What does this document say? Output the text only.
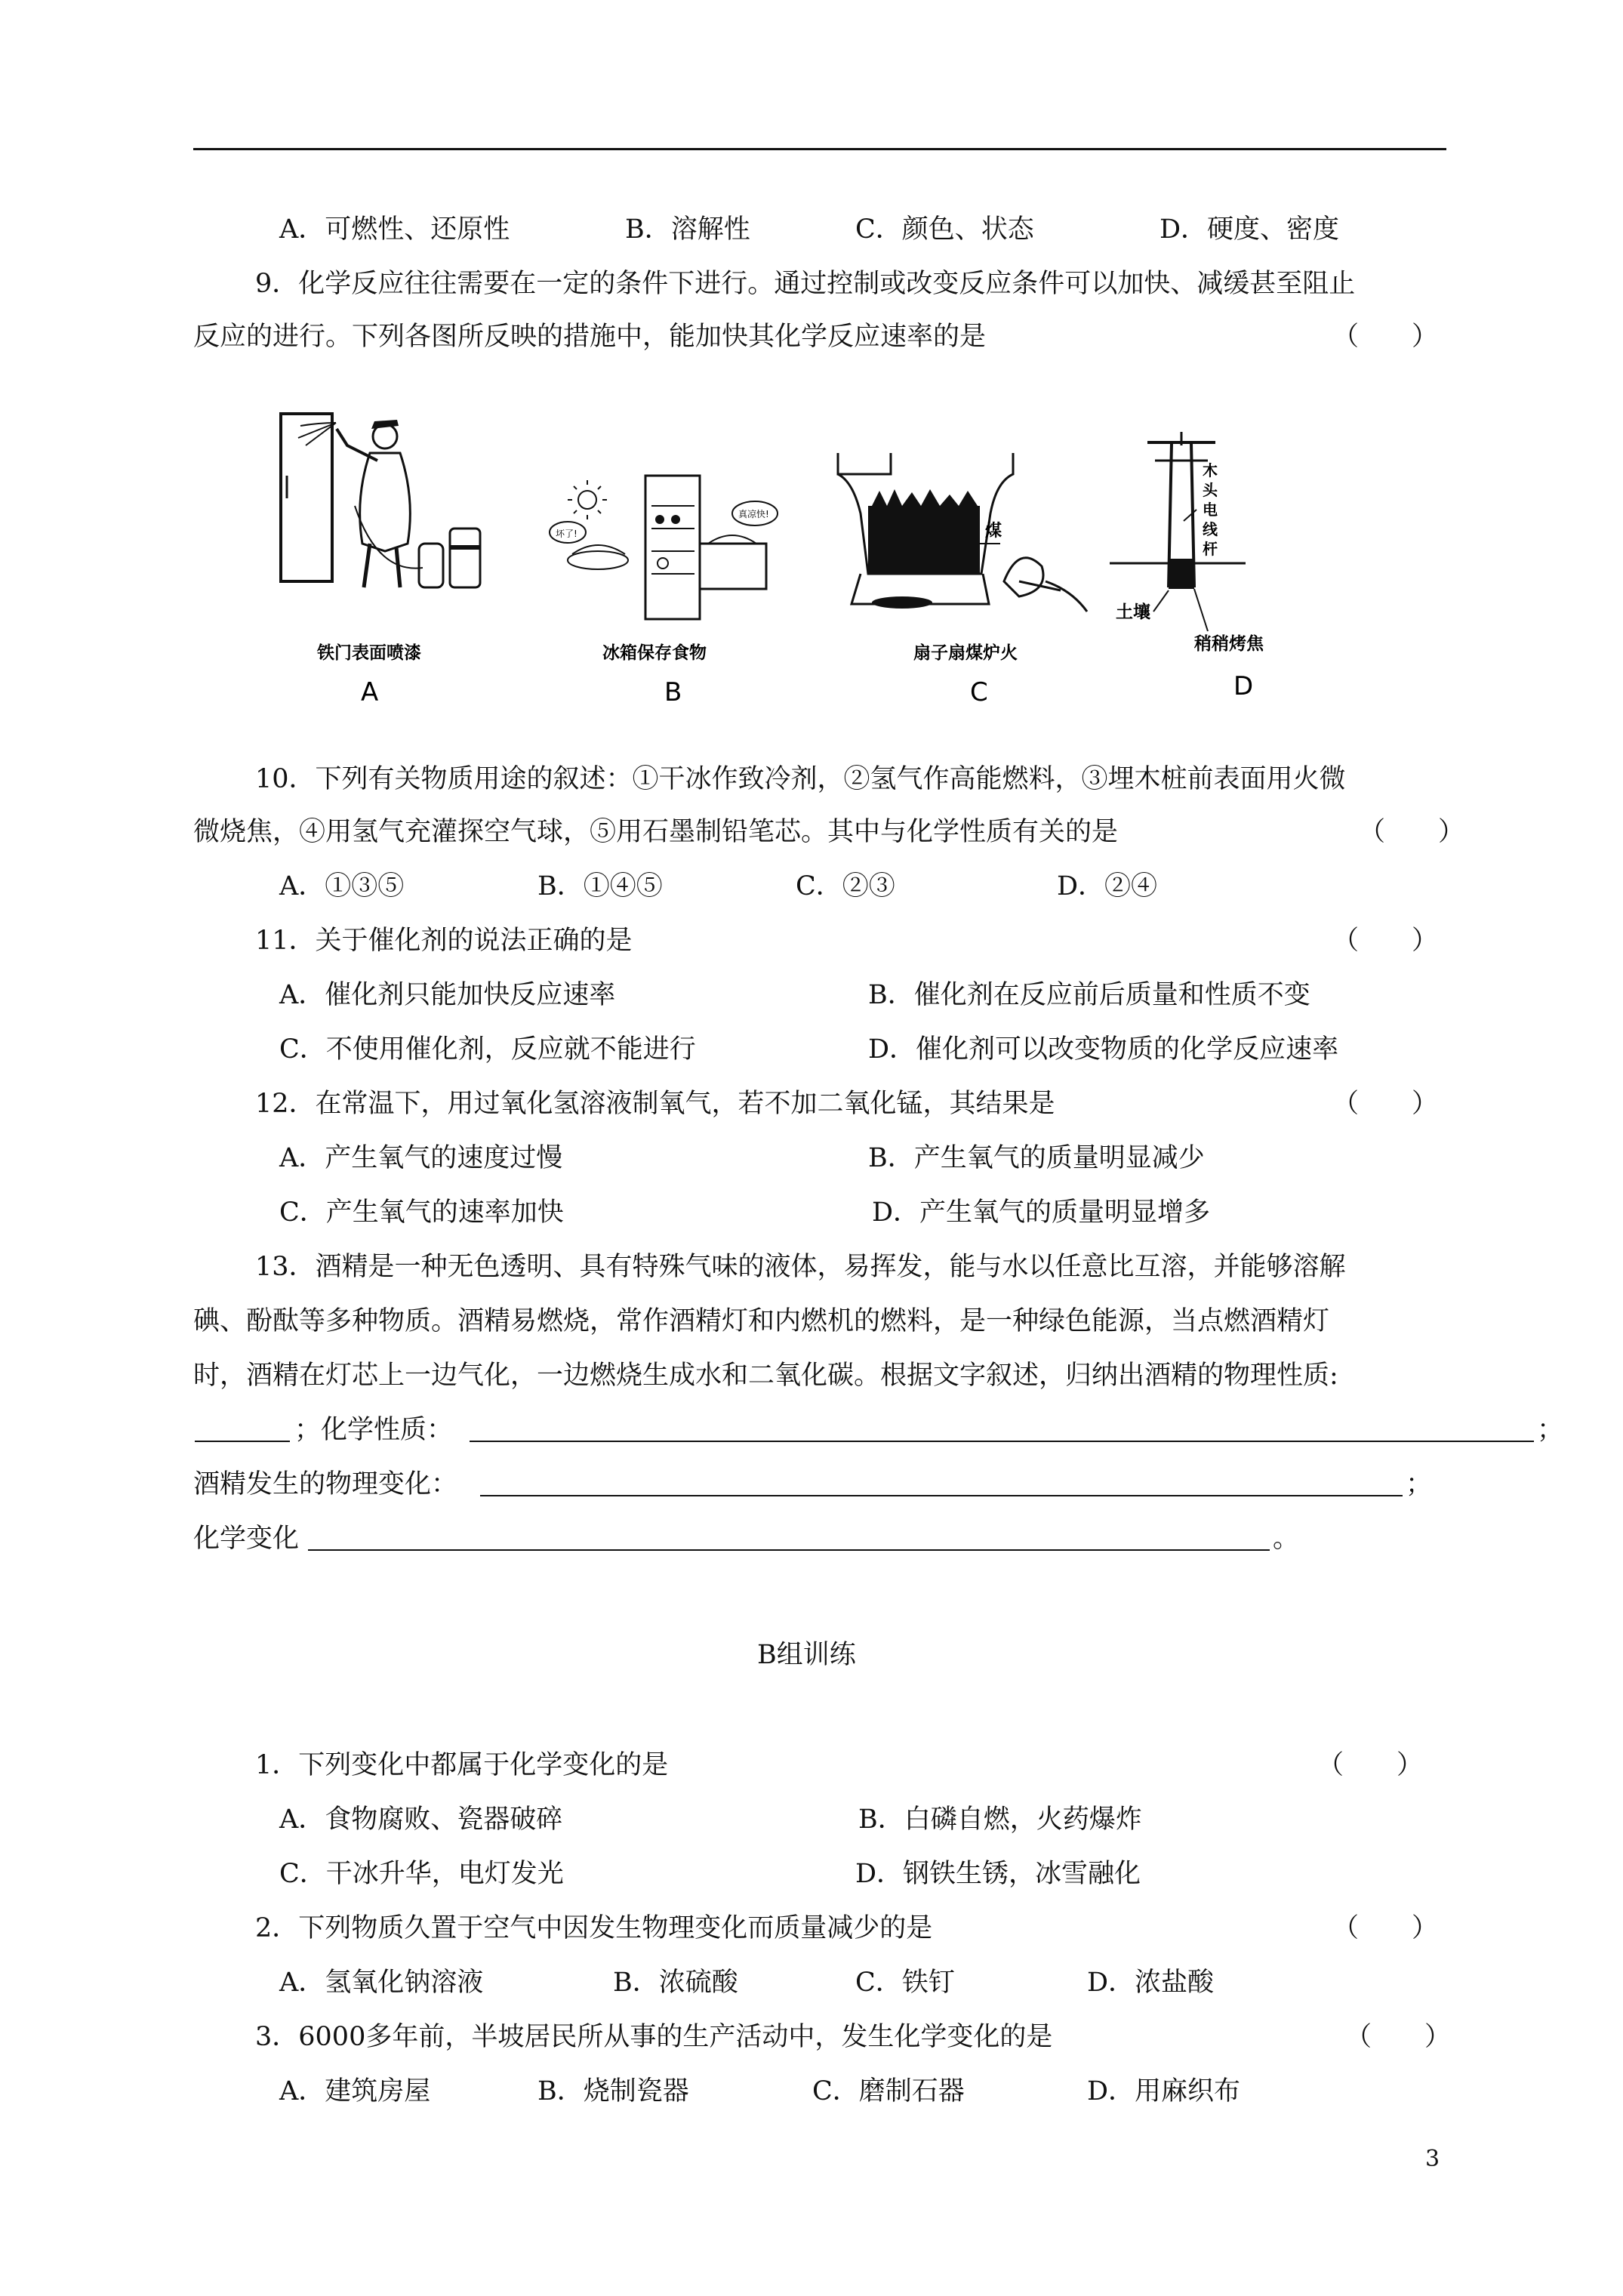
A．可燃性、还原性	B．溶解性	C．颜色、状态	D．硬度、密度
9．化学反应往往需要在一定的条件下进行。通过控制或改变反应条件可以加快、减缓甚至阻止
反应的进行。下列各图所反映的措施中，能加快其化学反应速率的是	（　　）
铁门表面喷漆
A
坏了!
真凉快!
冰箱保存食物
B
煤
扇子扇煤炉火
C
木
头
电
线
杆
土壤
稍稍烤焦
D
10．下列有关物质用途的叙述：①干冰作致冷剂，②氢气作高能燃料，③埋木桩前表面用火微
微烧焦，④用氢气充灌探空气球，⑤用石墨制铅笔芯。其中与化学性质有关的是	（　　）
A．①③⑤	B．①④⑤	C．②③	D．②④
11．关于催化剂的说法正确的是	（　　）
A．催化剂只能加快反应速率	B．催化剂在反应前后质量和性质不变
C．不使用催化剂，反应就不能进行	D．催化剂可以改变物质的化学反应速率
12．在常温下，用过氧化氢溶液制氧气，若不加二氧化锰，其结果是	（　　）
A．产生氧气的速度过慢	B．产生氧气的质量明显减少
C．产生氧气的速率加快	D．产生氧气的质量明显增多
13．酒精是一种无色透明、具有特殊气味的液体，易挥发，能与水以任意比互溶，并能够溶解
碘、酚酞等多种物质。酒精易燃烧，常作酒精灯和内燃机的燃料，是一种绿色能源，当点燃酒精灯
时，酒精在灯芯上一边气化，一边燃烧生成水和二氧化碳。根据文字叙述，归纳出酒精的物理性质:
；化学性质：	；
酒精发生的物理变化：	；
化学变化	。
B组训练
1．下列变化中都属于化学变化的是	（　　）
A．食物腐败、瓷器破碎	B．白磷自燃，火药爆炸
C．干冰升华，电灯发光	D．钢铁生锈，冰雪融化
2．下列物质久置于空气中因发生物理变化而质量减少的是	（　　）
A．氢氧化钠溶液	B．浓硫酸	C．铁钉	D．浓盐酸
3．6000多年前，半坡居民所从事的生产活动中，发生化学变化的是	（　　）
A．建筑房屋	B．烧制瓷器	C．磨制石器	D．用麻织布
3
